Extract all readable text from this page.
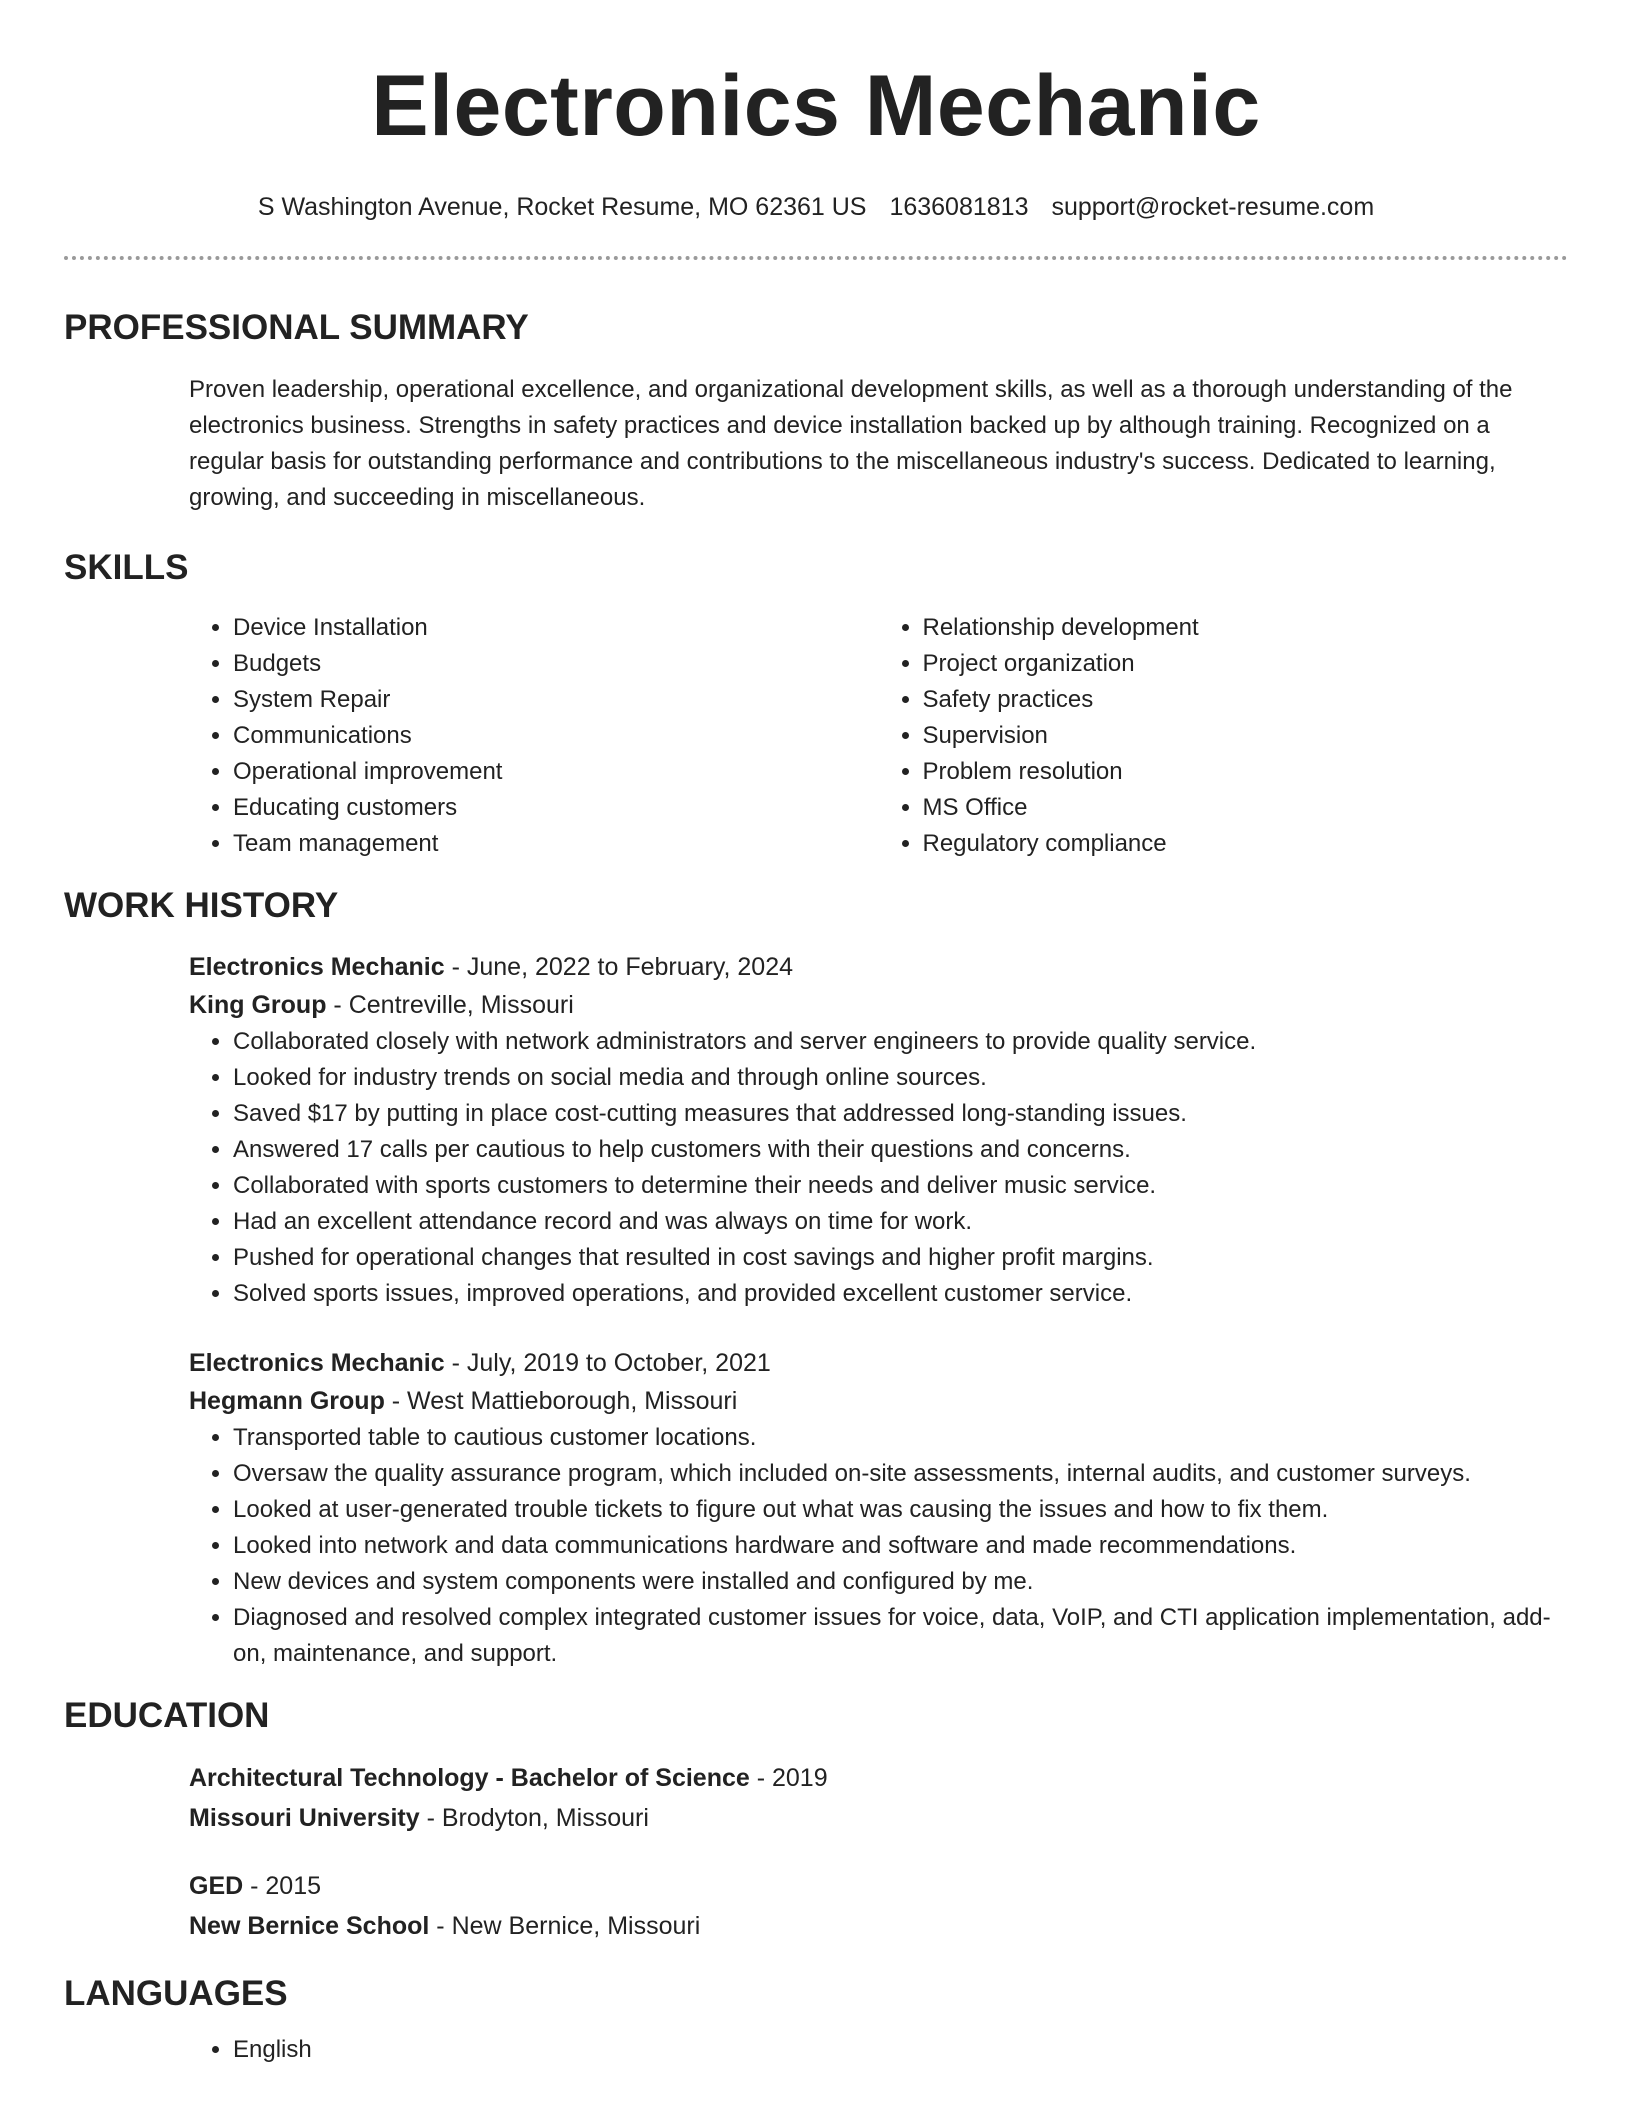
Electronics Mechanic
S Washington Avenue, Rocket Resume, MO 62361 US 1636081813 support@rocket-resume.com
PROFESSIONAL SUMMARY
Proven leadership, operational excellence, and organizational development skills, as well as a thorough understanding of the electronics business. Strengths in safety practices and device installation backed up by although training. Recognized on a regular basis for outstanding performance and contributions to the miscellaneous industry's success. Dedicated to learning, growing, and succeeding in miscellaneous.
SKILLS
• Device Installation
• Budgets
• System Repair
• Communications
• Operational improvement
• Educating customers
• Team management
• Relationship development
• Project organization
• Safety practices
• Supervision
• Problem resolution
• MS Office
• Regulatory compliance
WORK HISTORY
Electronics Mechanic - June, 2022 to February, 2024
King Group - Centreville, Missouri
• Collaborated closely with network administrators and server engineers to provide quality service.
• Looked for industry trends on social media and through online sources.
• Saved $17 by putting in place cost-cutting measures that addressed long-standing issues.
• Answered 17 calls per cautious to help customers with their questions and concerns.
• Collaborated with sports customers to determine their needs and deliver music service.
• Had an excellent attendance record and was always on time for work.
• Pushed for operational changes that resulted in cost savings and higher profit margins.
• Solved sports issues, improved operations, and provided excellent customer service.
Electronics Mechanic - July, 2019 to October, 2021
Hegmann Group - West Mattieborough, Missouri
• Transported table to cautious customer locations.
• Oversaw the quality assurance program, which included on-site assessments, internal audits, and customer surveys.
• Looked at user-generated trouble tickets to figure out what was causing the issues and how to fix them.
• Looked into network and data communications hardware and software and made recommendations.
• New devices and system components were installed and configured by me.
• Diagnosed and resolved complex integrated customer issues for voice, data, VoIP, and CTI application implementation, add-on, maintenance, and support.
EDUCATION
Architectural Technology - Bachelor of Science - 2019
Missouri University - Brodyton, Missouri
GED - 2015
New Bernice School - New Bernice, Missouri
LANGUAGES
• English
